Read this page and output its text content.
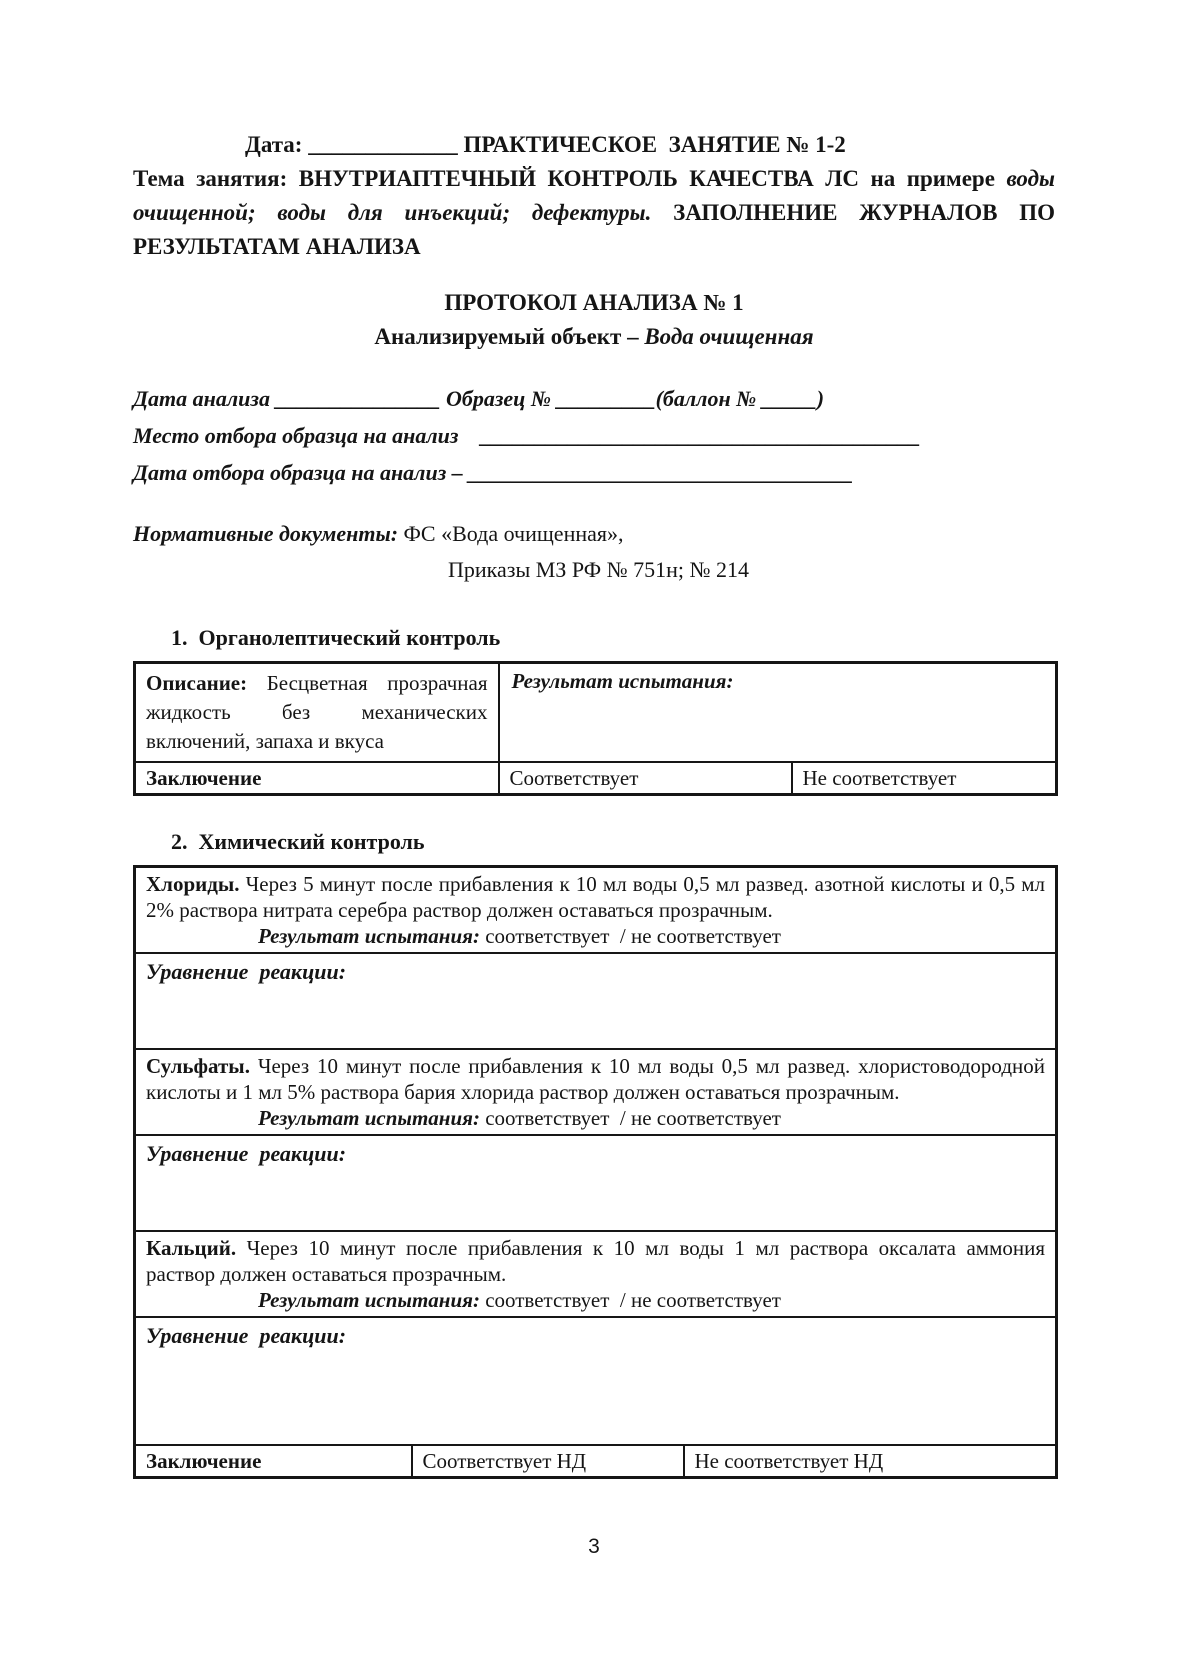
Дата: _____________ ПРАКТИЧЕСКОЕ  ЗАНЯТИЕ № 1-2
Тема занятия: ВНУТРИАПТЕЧНЫЙ КОНТРОЛЬ КАЧЕСТВА ЛС на примере воды очищенной; воды для инъекций; дефектуры. ЗАПОЛНЕНИЕ ЖУРНАЛОВ ПО РЕЗУЛЬТАТАМ АНАЛИЗА
ПРОТОКОЛ АНАЛИЗА № 1
Анализируемый объект – Вода очищенная
Дата анализа _______________ Образец № _________(баллон № _____)
Место отбора образца на анализ    ________________________________________
Дата отбора образца на анализ – ___________________________________
Нормативные документы: ФС «Вода очищенная»,
Приказы МЗ РФ № 751н; № 214
1.  Органолептический контроль
Описание: Бесцветная прозрачная жидкость без механических включений, запаха и вкуса	Результат испытания:	
Заключение	Соответствует	Не соответствует
2.  Химический контроль
Хлориды. Через 5 минут после прибавления к 10 мл воды 0,5 мл развед. азотной кислоты и 0,5 мл 2% раствора нитрата серебра раствор должен оставаться прозрачным.
Результат испытания: соответствует  / не соответствует

Уравнение  реакции:

Сульфаты. Через 10 минут после прибавления к 10 мл воды 0,5 мл развед. хлористоводородной кислоты и 1 мл 5% раствора бария хлорида раствор должен оставаться прозрачным.
Результат испытания: соответствует  / не соответствует

Уравнение  реакции:

Кальций. Через 10 минут после прибавления к 10 мл воды 1 мл раствора оксалата аммония раствор должен оставаться прозрачным.
Результат испытания: соответствует  / не соответствует

Уравнение  реакции:
Заключение	Соответствует НД	Не соответствует НД
3
